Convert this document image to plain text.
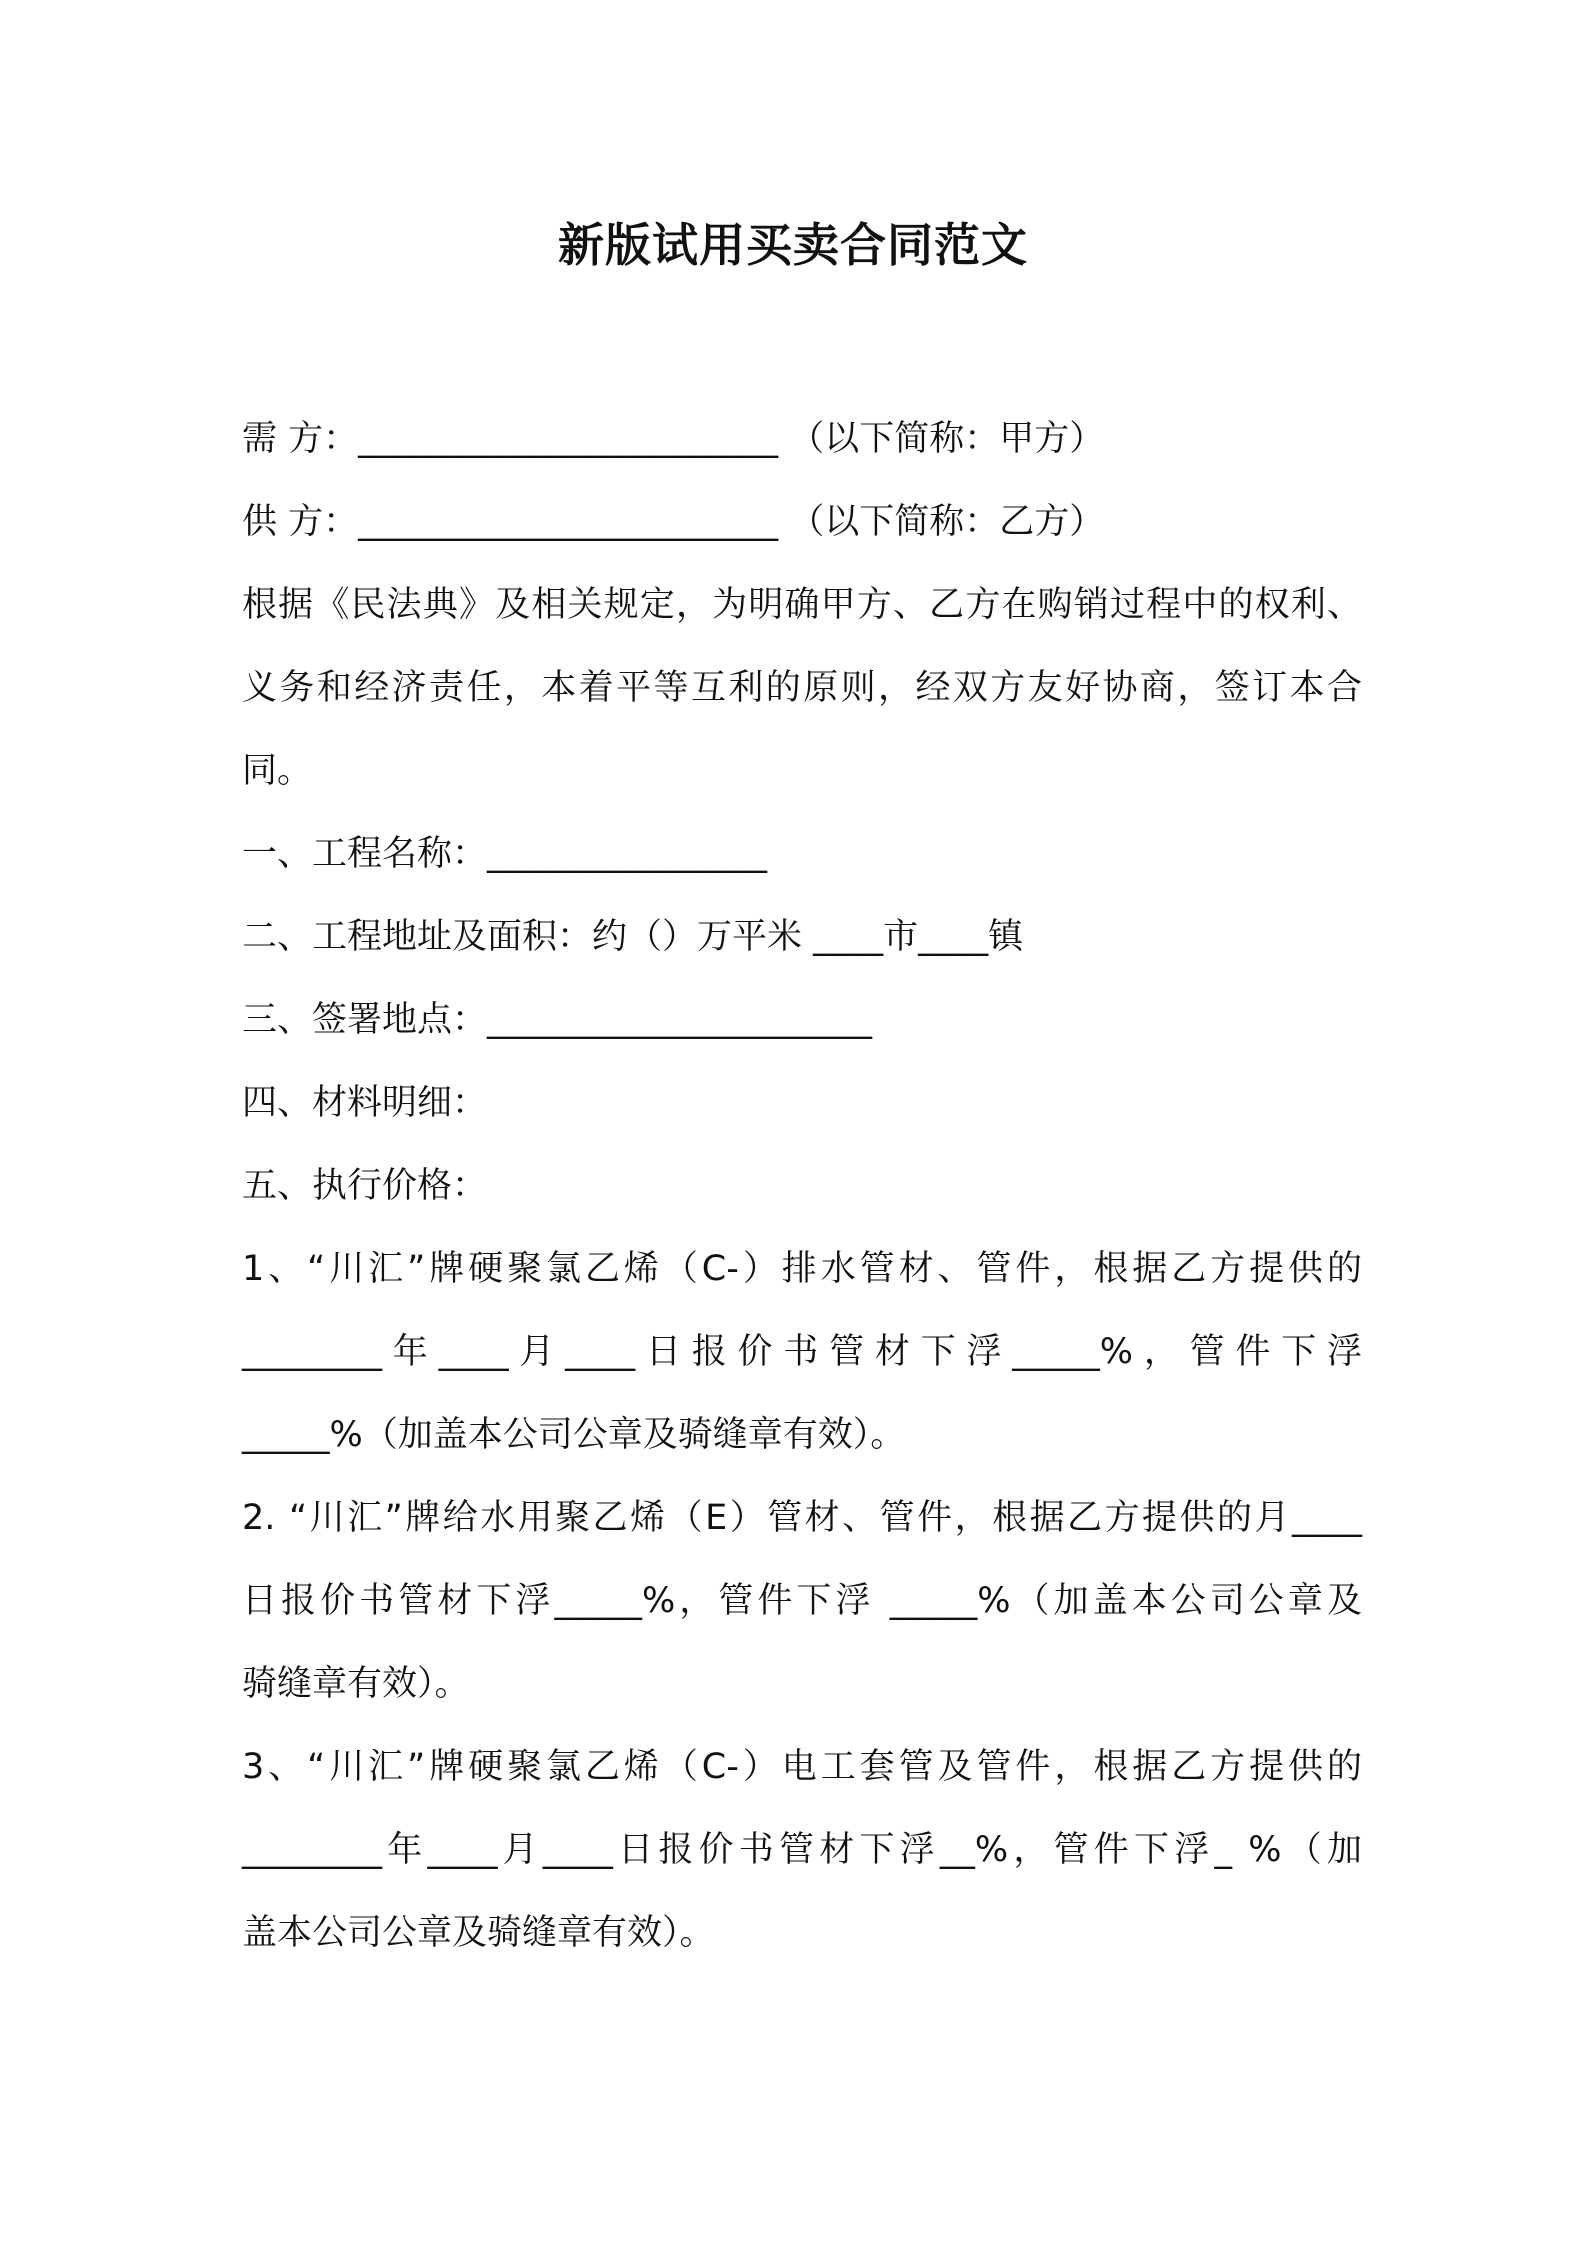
新版试用买卖合同范文
需 方：________________________ （以下简称：甲方）
供 方：________________________ （以下简称：乙方）
根据《民法典》及相关规定，为明确甲方、乙方在购销过程中的权利、
义务和经济责任，本着平等互利的原则，经双方友好协商，签订本合
同。
一、工程名称：________________
二、工程地址及面积：约（）万平米 ____市____镇
三、签署地点：______________________
四、材料明细：
五、执行价格：
1、“川汇”牌硬聚氯乙烯（C-）排水管材、管件，根据乙方提供的
________年____月____日报价书管材下浮_____%，管件下浮
_____%（加盖本公司公章及骑缝章有效）。
2. “川汇”牌给水用聚乙烯（E）管材、管件，根据乙方提供的月____
日报价书管材下浮_____%，管件下浮 _____%（加盖本公司公章及
骑缝章有效）。
3、“川汇”牌硬聚氯乙烯（C-）电工套管及管件，根据乙方提供的
________年____月____日报价书管材下浮__%，管件下浮_ %（加
盖本公司公章及骑缝章有效）。
